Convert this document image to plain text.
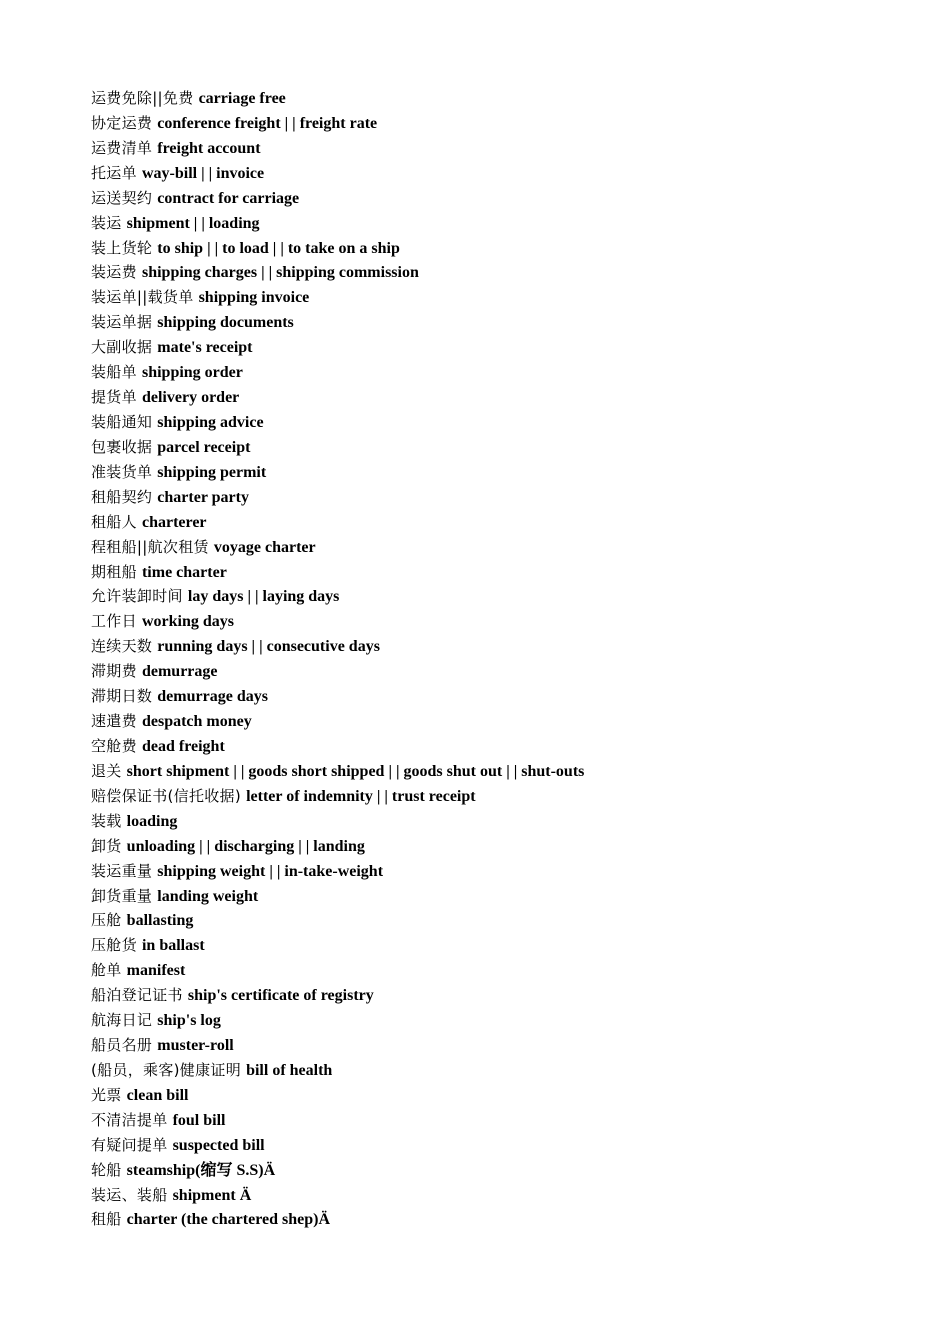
运费免除||免费 carriage free
协定运费 conference freight | | freight rate
运费清单 freight account
托运单 way-bill | | invoice
运送契约 contract for carriage
装运 shipment | | loading
装上货轮 to ship | | to load | | to take on a ship
装运费 shipping charges | | shipping commission
装运单||载货单 shipping invoice
装运单据 shipping documents
大副收据 mate's receipt
装船单 shipping order
提货单 delivery order
装船通知 shipping advice
包裹收据 parcel receipt
准装货单 shipping permit
租船契约 charter party
租船人 charterer
程租船||航次租赁 voyage charter
期租船 time charter
允许装卸时间 lay days | | laying days
工作日 working days
连续天数 running days | | consecutive days
滞期费 demurrage
滞期日数 demurrage days
速遣费 despatch money
空舱费 dead freight
退关 short shipment | | goods short shipped | | goods shut out | | shut-outs
赔偿保证书(信托收据) letter of indemnity | | trust receipt
装载 loading
卸货 unloading | | discharging | | landing
装运重量 shipping weight | | in-take-weight
卸货重量 landing weight
压舱 ballasting
压舱货 in ballast
舱单 manifest
船泊登记证书 ship's certificate of registry
航海日记 ship's log
船员名册 muster-roll
(船员，乘客)健康证明 bill of health
光票 clean bill
不清洁提单 foul bill
有疑问提单 suspected bill
轮船 steamship(缩写 S.S)Ä
装运、装船 shipment Ä
租船 charter (the chartered shep)Ä
